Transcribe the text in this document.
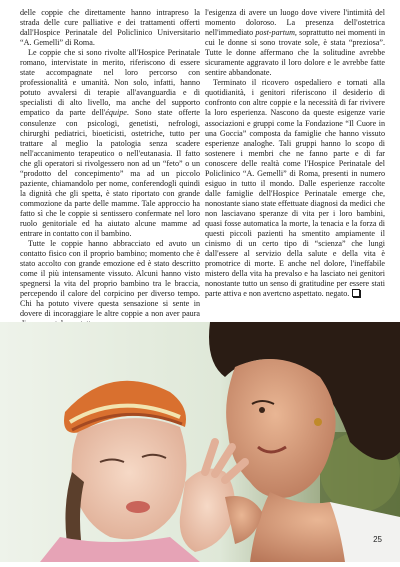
delle coppie che direttamente hanno intrapreso la strada delle cure palliative e dei trattamenti offerti dall'Hospice Perinatale del Policlinico Universitario “A. Gemelli” di Roma.

Le coppie che si sono rivolte all'Hospice Perinatale romano, intervistate in merito, riferiscono di essere state accompagnate nel loro percorso con professionalità e umanità. Non solo, infatti, hanno potuto avvalersi di terapie all'avanguardia e di specialisti di alto livello, ma anche del supporto empatico da parte dell'équipe. Sono state offerte consulenze con psicologi, genetisti, nefrologi, chirurghi pediatrici, bioeticisti, ostetriche, tutto per trattare al meglio la patologia senza scadere nell'accanimento terapeutico o nell'eutanasia. Il fatto che gli operatori si rivolgessero non ad un “feto” o un “prodotto del concepimento” ma ad un piccolo paziente, chiamandolo per nome, conferendogli quindi la dignità che gli spetta, è stato riportato con grande commozione da parte delle mamme. Tale approccio ha fatto sì che le coppie si sentissero confermate nel loro ruolo genitoriale ed ha aiutato alcune mamme ad entrare in contatto con il bambino.

Tutte le coppie hanno abbracciato ed avuto un contatto fisico con il proprio bambino; momento che è stato accolto con grande emozione ed è stato descritto come il più intensamente vissuto. Alcuni hanno visto spegnersi la vita del proprio bambino tra le braccia, percependo il calore del corpicino per diverso tempo. Chi ha potuto vivere questa sensazione si sente in dovere di incoraggiare le altre coppie a non aver paura

l'esigenza di avere un luogo dove vivere l'intimità del momento doloroso. La presenza dell'ostetrica nell'immediato post-partum, soprattutto nei momenti in cui le donne si sono trovate sole, è stata “preziosa”. Tutte le donne affermano che la solitudine avrebbe sicuramente aggravato il loro dolore e le avrebbe fatte sentire abbandonate.

Terminato il ricovero ospedaliero e tornati alla quotidianità, i genitori riferiscono il desiderio di confronto con altre coppie e la necessità di far rivivere la loro esperienza. Nascono da queste esigenze varie associazioni e gruppi come la Fondazione “Il Cuore in una Goccia” composta da famiglie che hanno vissuto esperienze analoghe. Tali gruppi hanno lo scopo di sostenere i membri che ne fanno parte e di far conoscere delle realtà come l'Hospice Perinatale del Policlinico “A. Gemelli” di Roma, presenti in numero esiguo in tutto il mondo. Dalle esperienze raccolte dalle famiglie dell'Hospice Perinatale emerge che, nonostante siano state effettuate diagnosi da medici che non lasciavano speranze di vita per i loro bambini, quasi fosse automatica la morte, la tenacia e la forza di questi piccoli pazienti ha smentito ampiamente il cinismo di un certo tipo di “scienza” che lungi dall'essere al servizio della salute e della vita è promotrice di morte. E anche nel dolore, l'ineffabile mistero della vita ha prevalso e ha lasciato nei genitori nonostante tutto un senso di gratitudine per essere stati parte attiva e non avertcno aspettato. negato.

25
